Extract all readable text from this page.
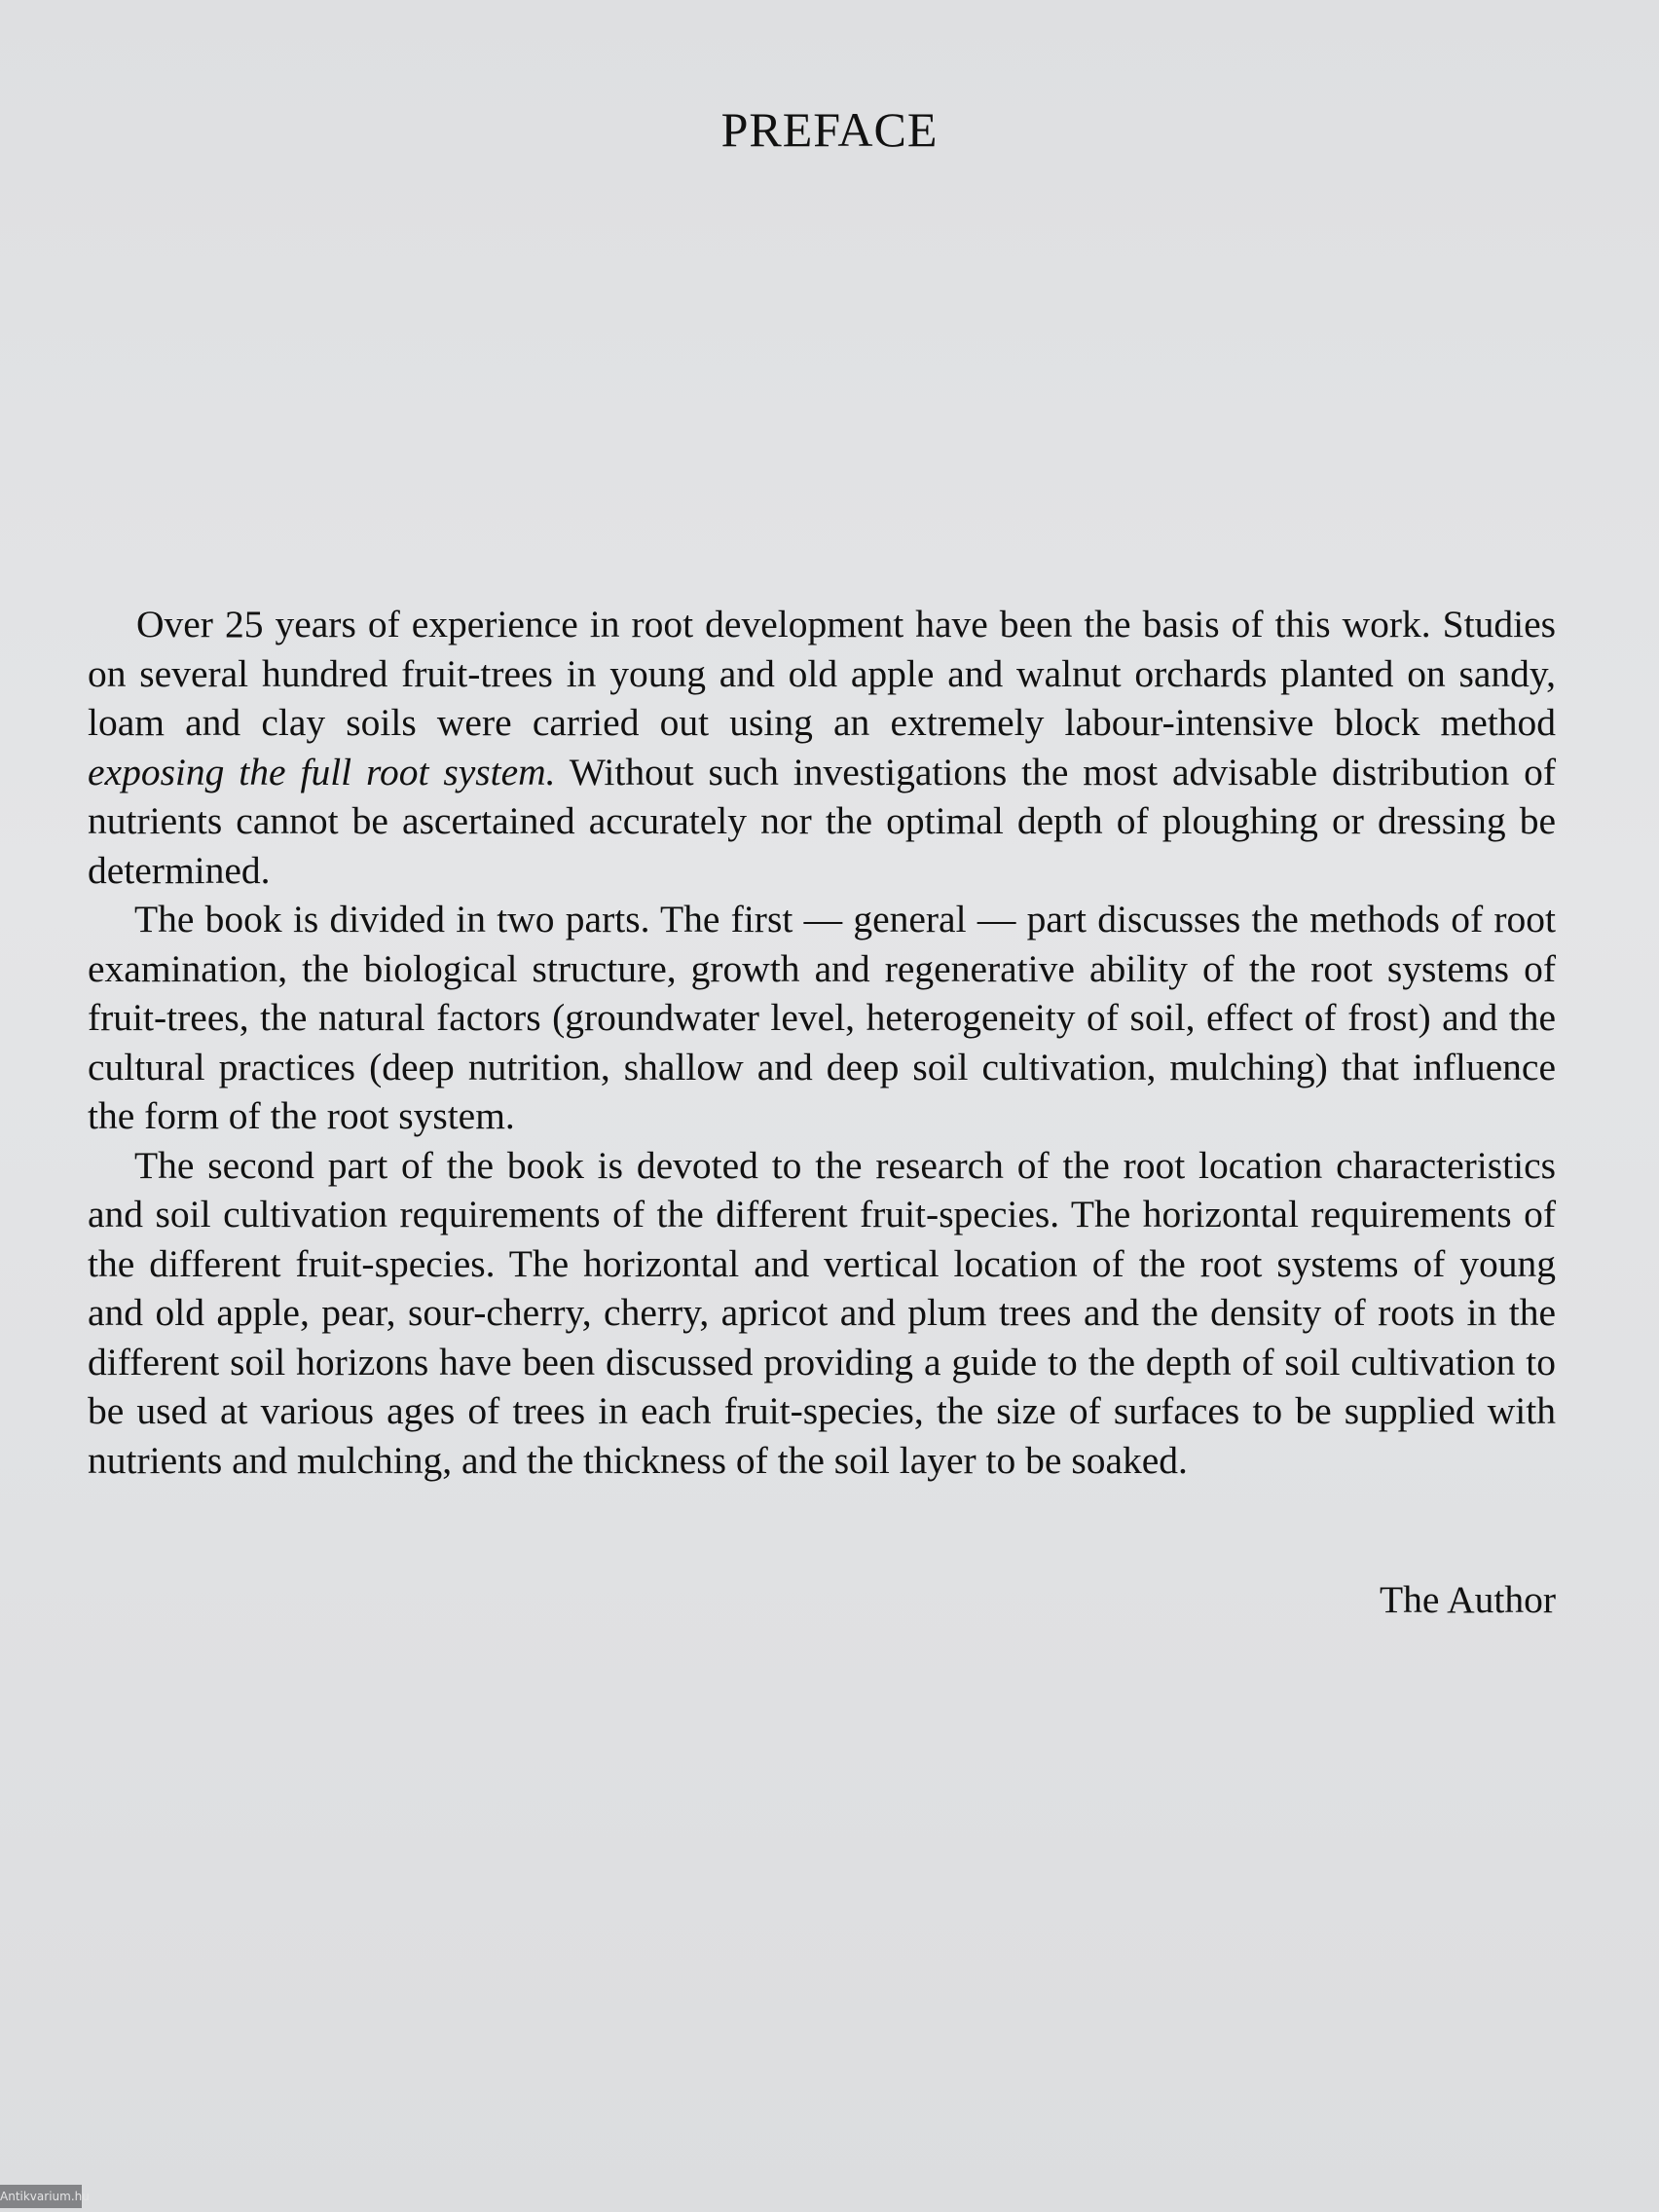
PREFACE

Over 25 years of experience in root development have been the basis of this work. Studies on several hundred fruit-trees in young and old apple and walnut orchards planted on sandy, loam and clay soils were carried out using an extremely labour-intensive block method exposing the full root system. Without such investigations the most advisable distribution of nutrients cannot be ascertained accurately nor the optimal depth of ploughing or dressing be determined.

The book is divided in two parts. The first — general — part discusses the methods of root examination, the biological structure, growth and regenerative ability of the root systems of fruit-trees, the natural factors (groundwater level, heterogeneity of soil, effect of frost) and the cultural practices (deep nutrition, shallow and deep soil cultivation, mulching) that influence the form of the root system.

The second part of the book is devoted to the research of the root location characteristics and soil cultivation requirements of the different fruit-species. The horizontal requirements of the different fruit-species. The horizontal and vertical location of the root systems of young and old apple, pear, sour-cherry, cherry, apricot and plum trees and the density of roots in the different soil horizons have been discussed providing a guide to the depth of soil cultivation to be used at various ages of trees in each fruit-species, the size of surfaces to be supplied with nutrients and mulching, and the thickness of the soil layer to be soaked.

The Author

Antikvarium.hu
